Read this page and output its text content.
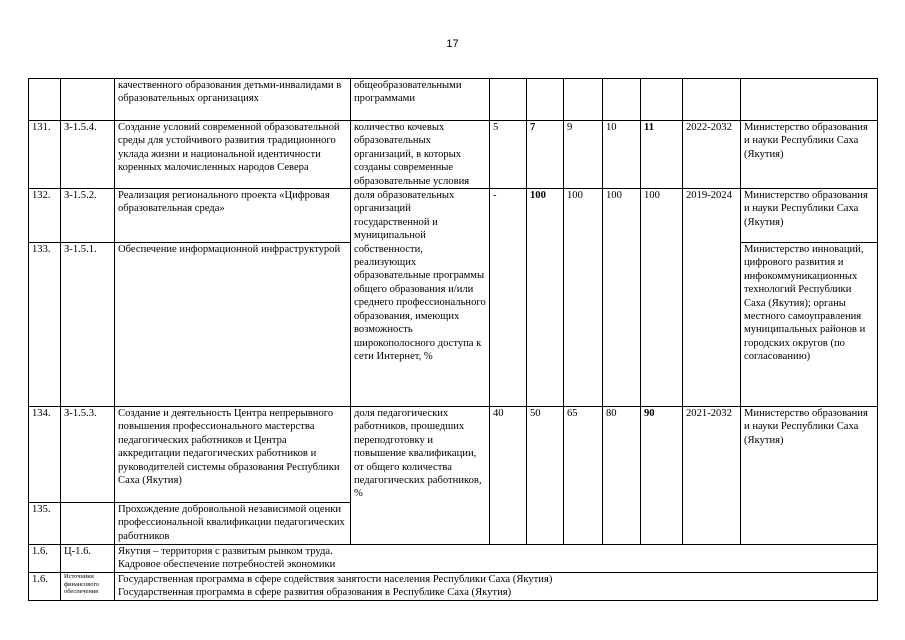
17
		качественного образования детьми-инвалидами в образовательных организациях	общеобразовательными программами							
131.	З-1.5.4.	Создание условий современной образовательной среды для устойчивого развития традиционного уклада жизни и национальной идентичности коренных малочисленных народов Севера	количество кочевых образовательных организаций, в которых созданы современные образовательные условия	5	7	9	10	11	2022-2032	Министерство образования и науки Республики Саха (Якутия)
132.	З-1.5.2.	Реализация регионального проекта «Цифровая образовательная среда»	доля образовательных организаций государственной и муниципальной собственности, реализующих образовательные программы общего образования и/или среднего профессионального образования, имеющих возможность широкополосного доступа к сети Интернет, %	-	100	100	100	100	2019-2024	Министерство образования и науки Республики Саха (Якутия)
133.	З-1.5.1.	Обеспечение информационной инфраструктурой								Министерство инноваций, цифрового развития и инфокоммуникационных технологий Республики Саха (Якутия); органы местного самоуправления муниципальных районов и городских округов (по согласованию)
134.	З-1.5.3.	Создание и деятельность Центра непрерывного повышения профессионального мастерства педагогических работников и Центра аккредитации педагогических работников и руководителей системы образования Республики Саха (Якутия)	доля педагогических работников, прошедших переподготовку и повышение квалификации, от общего количества педагогических работников, %	40	50	65	80	90	2021-2032	Министерство образования и науки Республики Саха (Якутия)
135.		Прохождение добровольной независимой оценки профессиональной квалификации педагогических работников								
1.6.	Ц-1.6.	Якутия – территория с развитым рынком труда.
Кадровое обеспечение потребностей экономики								

1.6.	Источники финансового обеспечения	Государственная программа в сфере содействия занятости населения Республики Саха (Якутия)
Государственная программа в сфере развития образования в Республике Саха (Якутия)								
